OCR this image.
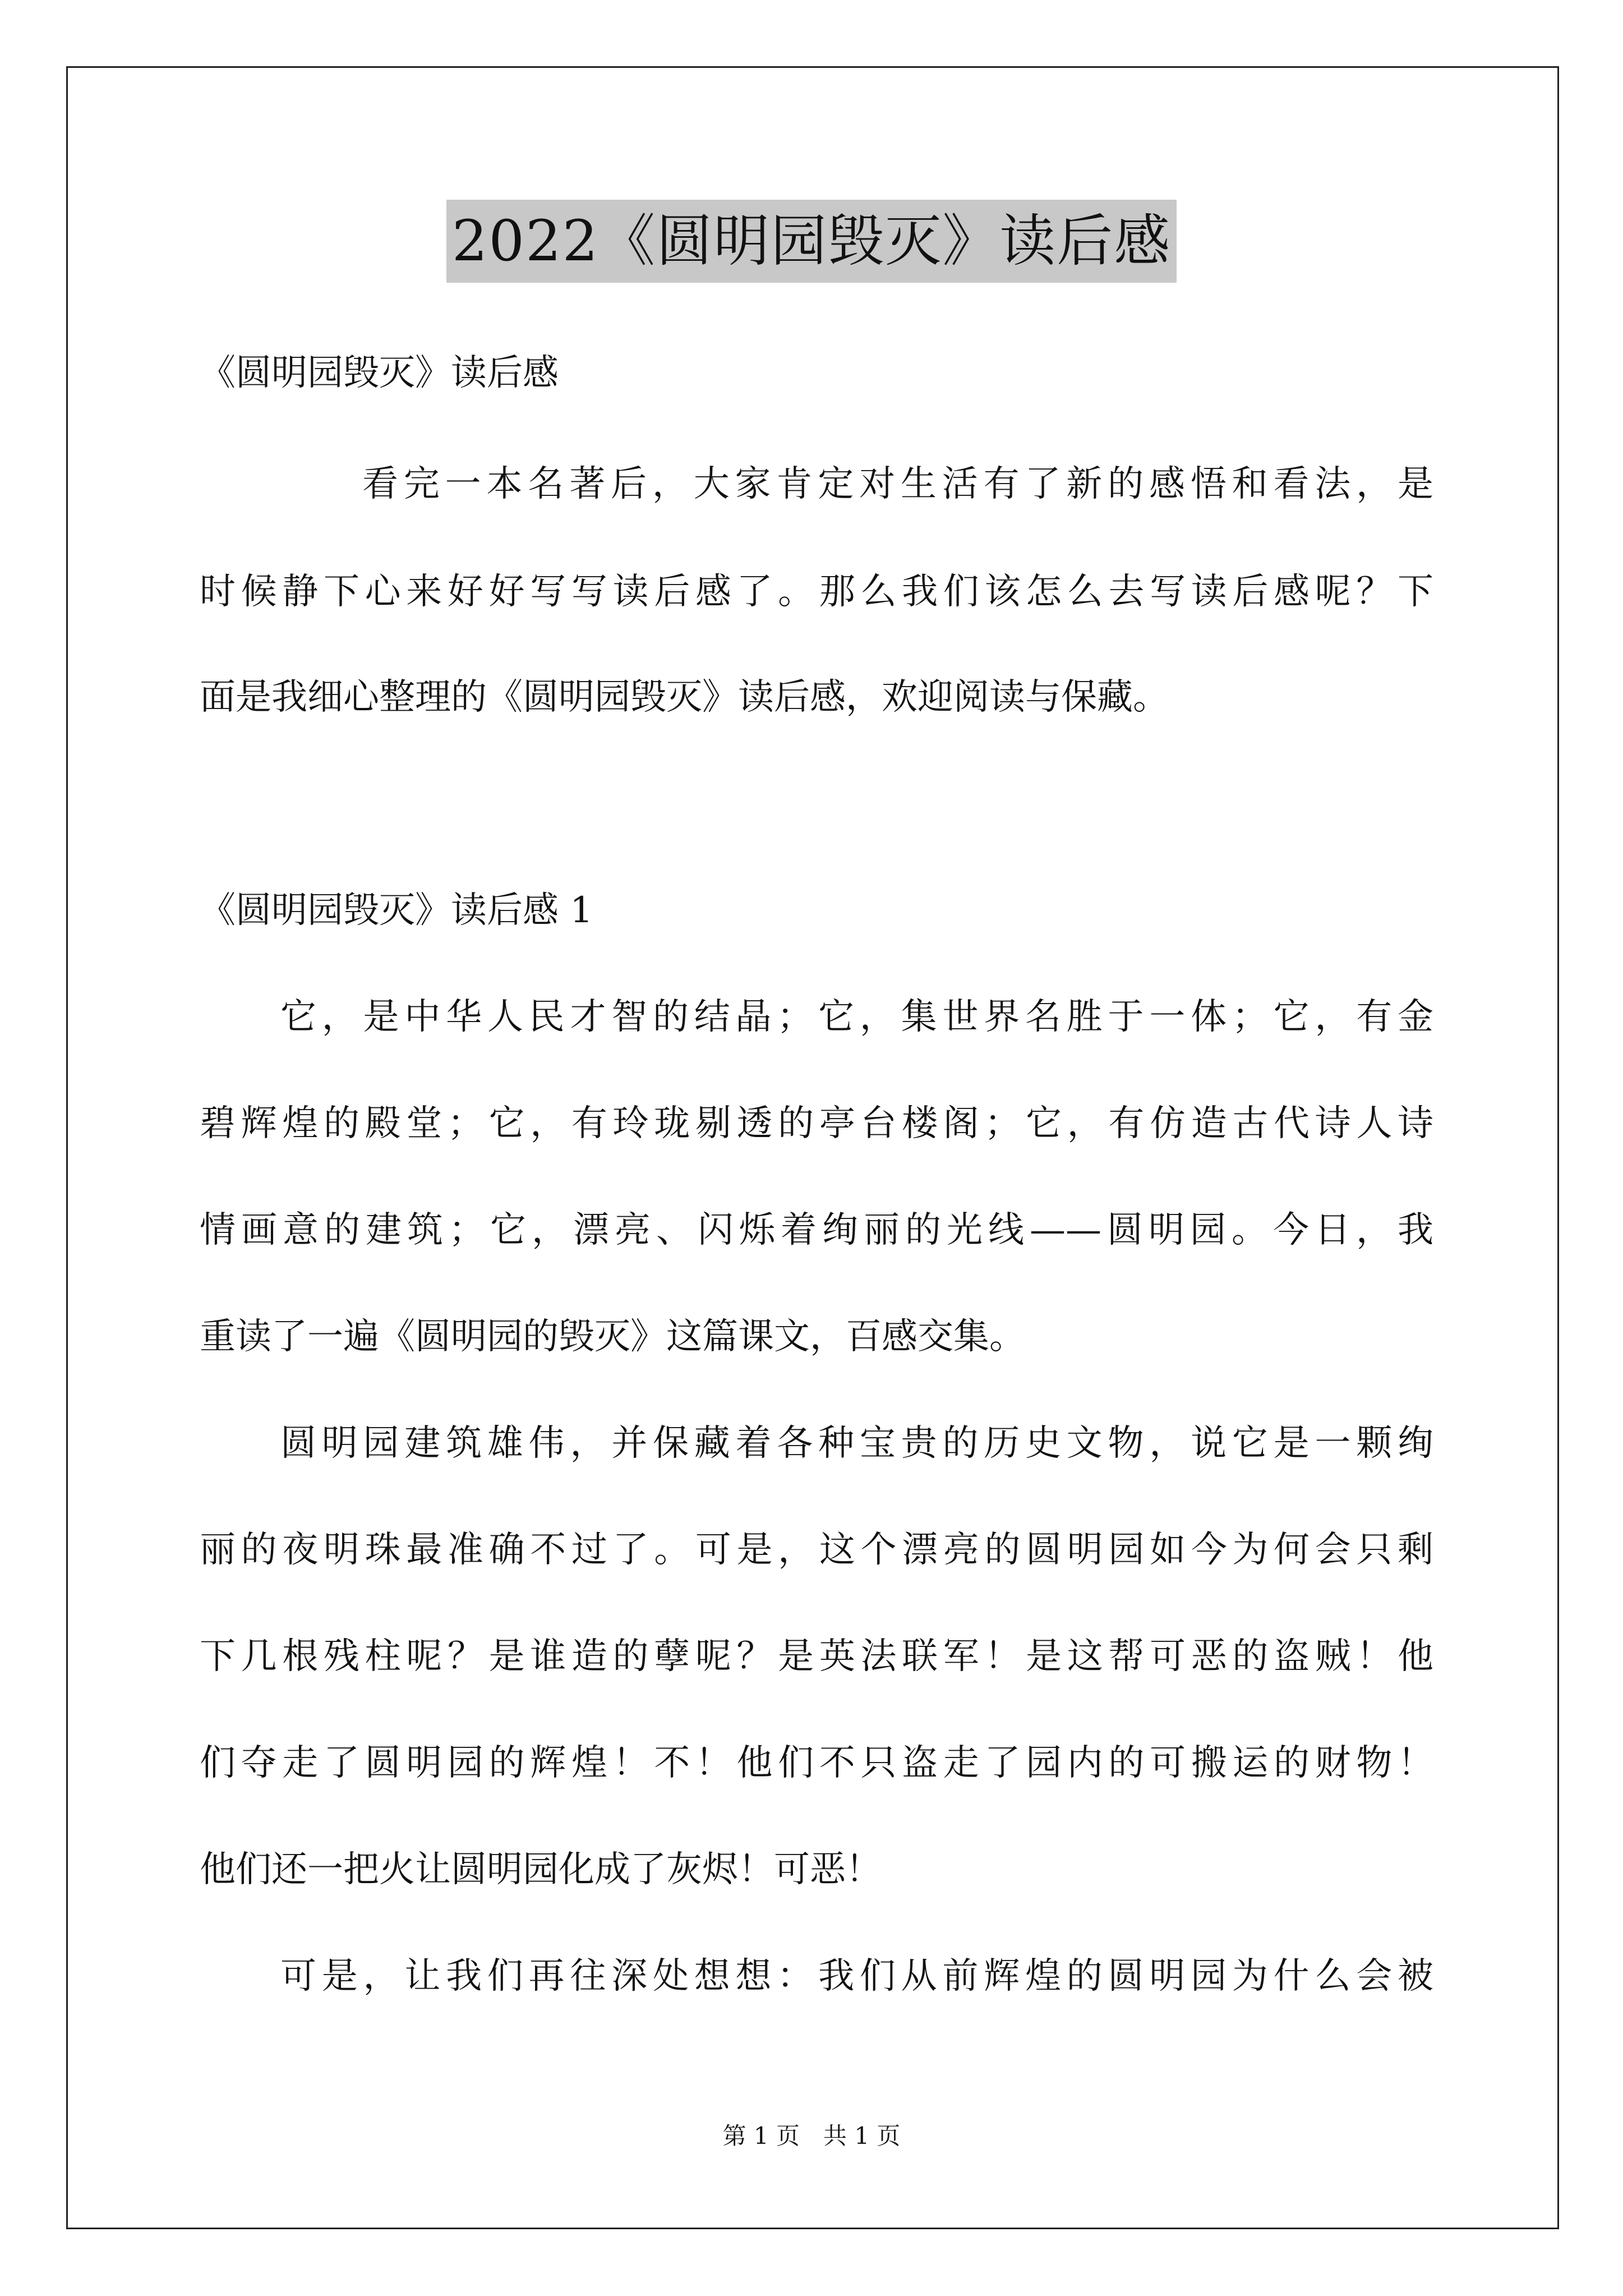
2022《圆明园毁灭》读后感
《圆明园毁灭》读后感
看完一本名著后，大家肯定对生活有了新的感悟和看法，是
时候静下心来好好写写读后感了。那么我们该怎么去写读后感呢？下
面是我细心整理的《圆明园毁灭》读后感，欢迎阅读与保藏。
《圆明园毁灭》读后感 1
它，是中华人民才智的结晶；它，集世界名胜于一体；它，有金
碧辉煌的殿堂；它，有玲珑剔透的亭台楼阁；它，有仿造古代诗人诗
情画意的建筑；它，漂亮、闪烁着绚丽的光线——圆明园。今日，我
重读了一遍《圆明园的毁灭》这篇课文，百感交集。
圆明园建筑雄伟，并保藏着各种宝贵的历史文物，说它是一颗绚
丽的夜明珠最准确不过了。可是，这个漂亮的圆明园如今为何会只剩
下几根残柱呢？是谁造的孽呢？是英法联军！是这帮可恶的盗贼！他
们夺走了圆明园的辉煌！不！他们不只盗走了园内的可搬运的财物！
他们还一把火让圆明园化成了灰烬！可恶！
可是，让我们再往深处想想：我们从前辉煌的圆明园为什么会被
第 1 页　共 1 页
